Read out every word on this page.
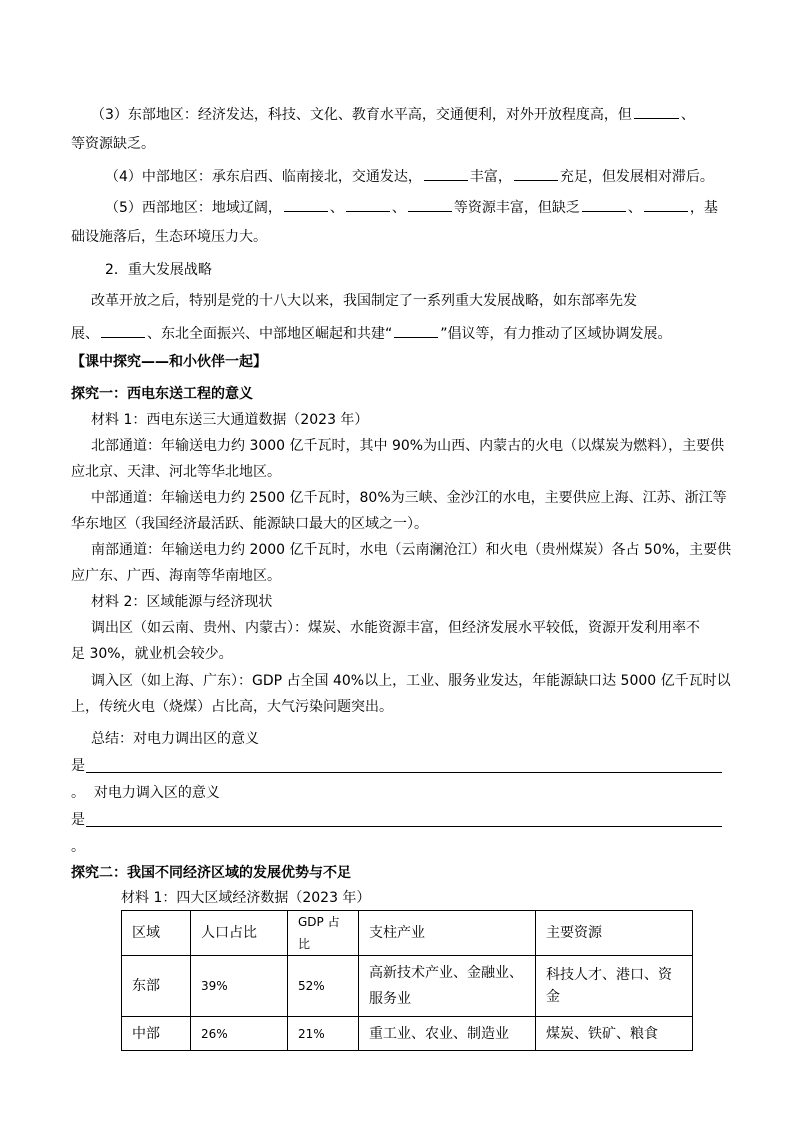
（3）东部地区：经济发达，科技、文化、教育水平高，交通便利，对外开放程度高，但	、
等资源缺乏。
（4）中部地区：承东启西、临南接北，交通发达，	丰富，	充足，但发展相对滞后。
（5）西部地区：地域辽阔，	、	、	等资源丰富，但缺乏	、	，基
础设施落后，生态环境压力大。
2．重大发展战略
改革开放之后，特别是党的十八大以来，我国制定了一系列重大发展战略，如东部率先发
展、	、东北全面振兴、中部地区崛起和共建“	”倡议等，有力推动了区域协调发展。
【课中探究——和小伙伴一起】
探究一：西电东送工程的意义
材料 1：西电东送三大通道数据（2023 年）
北部通道：年输送电力约 3000 亿千瓦时，其中 90%为山西、内蒙古的火电（以煤炭为燃料），主要供
应北京、天津、河北等华北地区。
中部通道：年输送电力约 2500 亿千瓦时，80%为三峡、金沙江的水电，主要供应上海、江苏、浙江等
华东地区（我国经济最活跃、能源缺口最大的区域之一）。
南部通道：年输送电力约 2000 亿千瓦时，水电（云南澜沧江）和火电（贵州煤炭）各占 50%，主要供
应广东、广西、海南等华南地区。
材料 2：区域能源与经济现状
调出区（如云南、贵州、内蒙古）：煤炭、水能资源丰富，但经济发展水平较低，资源开发利用率不
足 30%，就业机会较少。
调入区（如上海、广东）：GDP 占全国 40%以上，工业、服务业发达，年能源缺口达 5000 亿千瓦时以
上，传统火电（烧煤）占比高，大气污染问题突出。
总结：对电力调出区的意义
是
。 对电力调入区的意义
是
。
探究二：我国不同经济区域的发展优势与不足
材料 1：四大区域经济数据（2023 年）
区域	人口占比	GDP 占比	支柱产业	主要资源
东部	39%	52%	高新技术产业、金融业、服务业	科技人才、港口、资金
中部	26%	21%	重工业、农业、制造业	煤炭、铁矿、粮食
